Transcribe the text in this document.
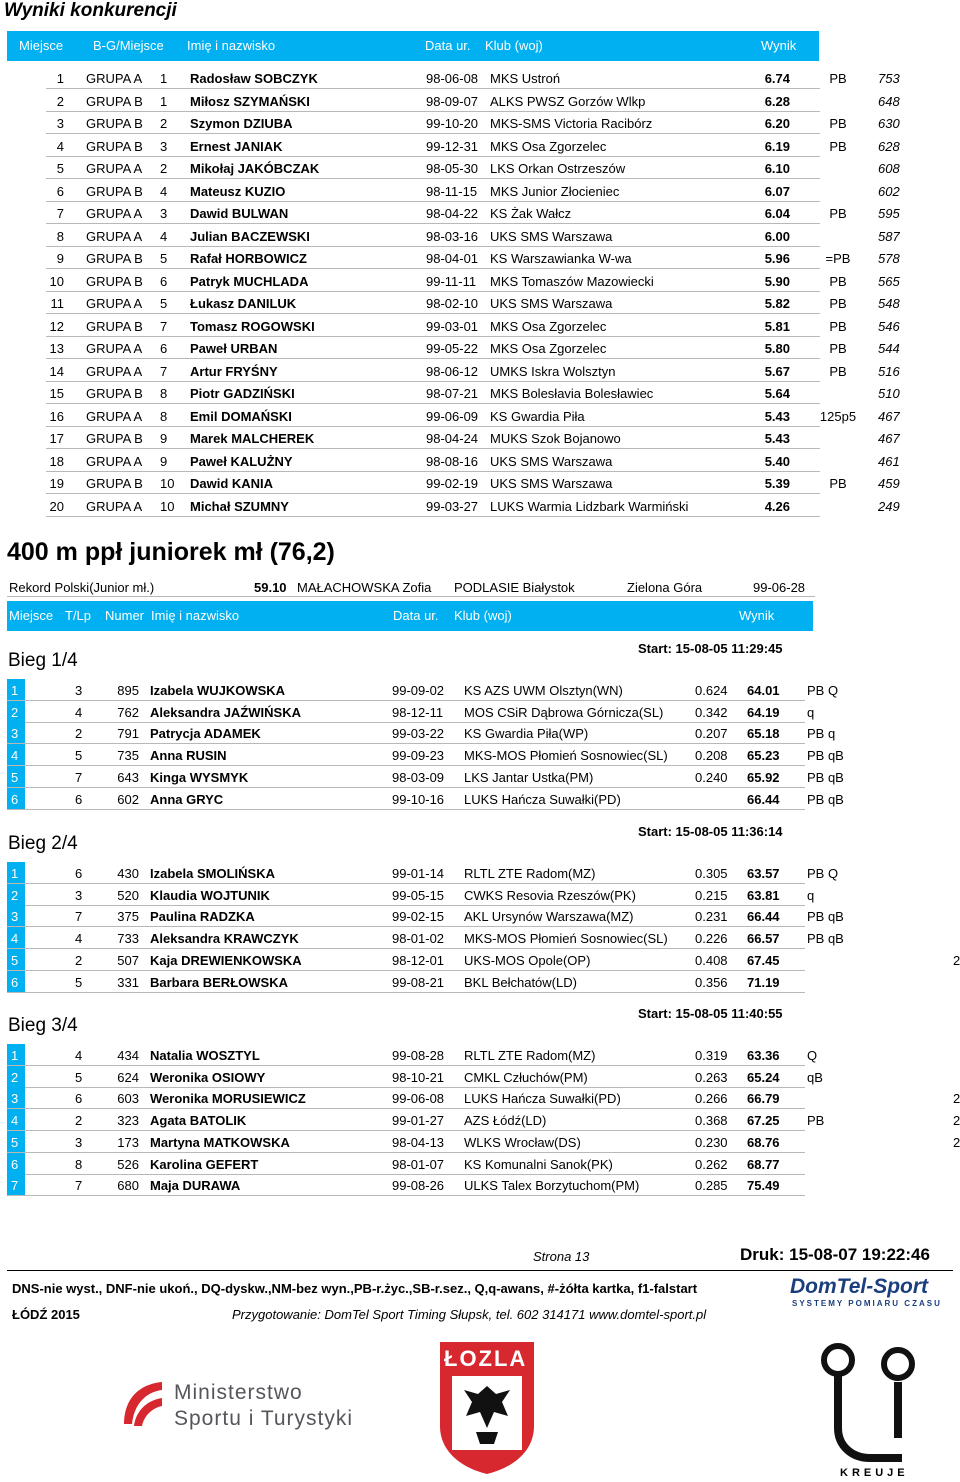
Wyniki konkurencji
Miejsce B-G/Miejsce Imię i nazwisko	Data ur. Klub (woj)	Wynik
1 GRUPA A 1 Radosław SOBCZYK	98-06-08 MKS Ustroń	6.74	PB	753
2 GRUPA B 1 Miłosz SZYMAŃSKI	98-09-07 ALKS PWSZ Gorzów Wlkp	6.28	648
3 GRUPA B 2 Szymon DZIUBA	99-10-20 MKS-SMS Victoria Racibórz	6.20	PB	630
4 GRUPA B 3 Ernest JANIAK	99-12-31 MKS Osa Zgorzelec	6.19	PB	628
5 GRUPA A 2 Mikołaj JAKÓBCZAK	98-05-30 LKS Orkan Ostrzeszów	6.10	608
6 GRUPA B 4 Mateusz KUZIO	98-11-15 MKS Junior Złocieniec	6.07	602
7 GRUPA A 3 Dawid BULWAN	98-04-22 KS Żak Wałcz	6.04	PB	595
8 GRUPA A 4 Julian BACZEWSKI	98-03-16 UKS SMS Warszawa	6.00	587
9 GRUPA B 5 Rafał HORBOWICZ	98-04-01 KS Warszawianka W-wa	5.96	=PB	578
10 GRUPA B 6 Patryk MUCHLADA	99-11-11 MKS Tomaszów Mazowiecki	5.90	PB	565
11 GRUPA A 5 Łukasz DANILUK	98-02-10 UKS SMS Warszawa	5.82	PB	548
12 GRUPA B 7 Tomasz ROGOWSKI	99-03-01 MKS Osa Zgorzelec	5.81	PB	546
13 GRUPA A 6 Paweł URBAN	99-05-22 MKS Osa Zgorzelec	5.80	PB	544
14 GRUPA A 7 Artur FRYŚNY	98-06-12 UMKS Iskra Wolsztyn	5.67	PB	516
15 GRUPA B 8 Piotr GADZIŃSKI	98-07-21 MKS Bolesłavia Bolesławiec	5.64	510
16 GRUPA A 8 Emil DOMAŃSKI	99-06-09 KS Gwardia Piła	5.43 125p5 467
17 GRUPA B 9 Marek MALCHEREK	98-04-24 MUKS Szok Bojanowo	5.43	467
18 GRUPA A 9 Paweł KALUŻNY	98-08-16 UKS SMS Warszawa	5.40	461
19 GRUPA B 10 Dawid KANIA	99-02-19 UKS SMS Warszawa	5.39	PB	459
20 GRUPA A 10 Michał SZUMNY	99-03-27 LUKS Warmia Lidzbark Warmiński	4.26	249
400 m ppł juniorek mł (76,2)
Rekord Polski(Junior mł.)	59.10 MAŁACHOWSKA Zofia PODLASIE Białystok	Zielona Góra	99-06-28
Miejsce T/Lp Numer Imię i nazwisko	Data ur. Klub (woj)	Wynik
Bieg 1/4
Start: 15-08-05 11:29:45
1	3	895 Izabela WUJKOWSKA	99-09-02 KS AZS UWM Olsztyn(WN)	0.624 64.01 PB Q
2	4	762 Aleksandra JAŹWIŃSKA	98-12-11 MOS CSiR Dąbrowa Górnicza(SL) 0.342 64.19 q
3	2	791 Patrycja ADAMEK	99-03-22 KS Gwardia Piła(WP)	0.207 65.18 PB q
4	5	735 Anna RUSIN	99-09-23 MKS-MOS Płomień Sosnowiec(SL) 0.208 65.23 PB qB
5	7	643 Kinga WYSMYK	98-03-09 LKS Jantar Ustka(PM)	0.240 65.92 PB qB
6	6	602 Anna GRYC	99-10-16 LUKS Hańcza Suwałki(PD)	66.44 PB qB
Bieg 2/4
Start: 15-08-05 11:36:14
1	6	430 Izabela SMOLIŃSKA	99-01-14 RLTL ZTE Radom(MZ)	0.305 63.57 PB Q
2	3	520 Klaudia WOJTUNIK	99-05-15 CWKS Resovia Rzeszów(PK)	0.215 63.81 q
3	7	375 Paulina RADZKA	99-02-15 AKL Ursynów Warszawa(MZ)	0.231 66.44 PB qB
4	4	733 Aleksandra KRAWCZYK	98-01-02 MKS-MOS Płomień Sosnowiec(SL) 0.226 66.57 PB qB
5	2	507 Kaja DREWIENKOWSKA	98-12-01 UKS-MOS Opole(OP)	0.408 67.45	2
6	5	331 Barbara BERŁOWSKA	99-08-21 BKL Bełchatów(LD)	0.356 71.19
Bieg 3/4
Start: 15-08-05 11:40:55
1	4	434 Natalia WOSZTYL	99-08-28 RLTL ZTE Radom(MZ)	0.319 63.36 Q
2	5	624 Weronika OSIOWY	98-10-21 CMKL Człuchów(PM)	0.263 65.24 qB
3	6	603 Weronika MORUSIEWICZ	99-06-08 LUKS Hańcza Suwałki(PD)	0.266 66.79	2
4	2	323 Agata BATOLIK	99-01-27 AZS Łódź(LD)	0.368 67.25 PB	2
5	3	173 Martyna MATKOWSKA	98-04-13 WLKS Wrocław(DS)	0.230 68.76	2
6	8	526 Karolina GEFERT	98-01-07 KS Komunalni Sanok(PK)	0.262 68.77
7	7	680 Maja DURAWA	99-08-26 ULKS Talex Borzytuchom(PM)	0.285 75.49
Strona 13	Druk: 15-08-07 19:22:46
DNS-nie wyst., DNF-nie ukoń., DQ-dyskw.,NM-bez wyn.,PB-r.życ.,SB-r.sez., Q,q-awans, #-żółta kartka, f1-falstart
ŁÓDŹ 2015	Przygotowanie: DomTel Sport Timing Słupsk, tel. 602 314171 www.domtel-sport.pl
DomTel-Sport
SYSTEMY POMIARU CZASU
Ministerstwo
Sportu i Turystyki
ŁOZLA
KREUJE
